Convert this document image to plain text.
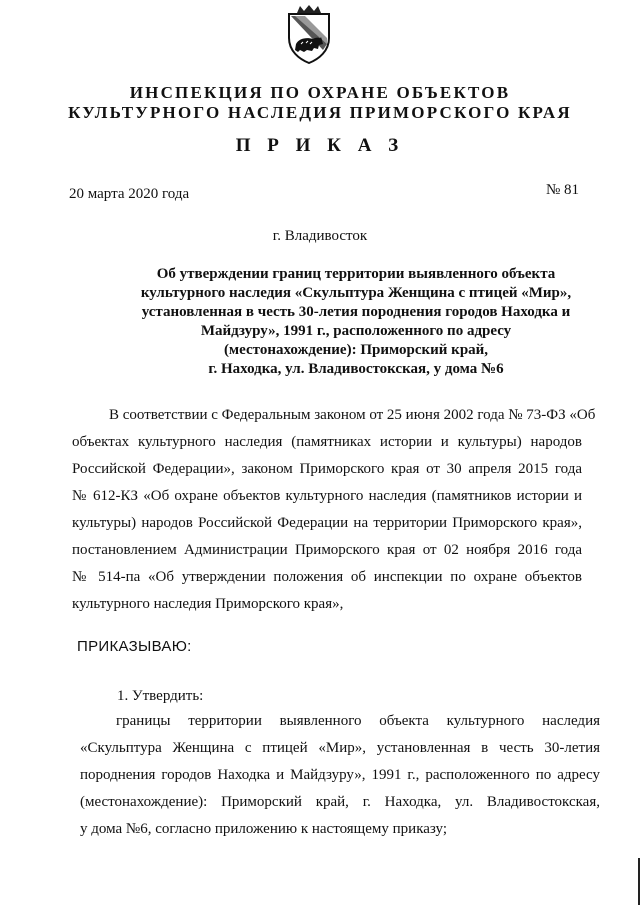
ИНСПЕКЦИЯ ПО ОХРАНЕ ОБЪЕКТОВ
КУЛЬТУРНОГО НАСЛЕДИЯ ПРИМОРСКОГО КРАЯ
П Р И К А З
20 марта 2020 года	№ 81
г. Владивосток
Об утверждении границ территории выявленного объекта
культурного наследия «Скульптура Женщина с птицей «Мир»,
установленная в честь 30-летия породнения городов Находка и
Майдзуру», 1991 г., расположенного по адресу
(местонахождение): Приморский край,
г. Находка, ул. Владивостокская, у дома №6
В соответствии с Федеральным законом от 25 июня 2002 года № 73-ФЗ «Об
объектах культурного наследия (памятниках истории и культуры) народов
Российской Федерации», законом Приморского края от 30 апреля 2015 года
№ 612-КЗ «Об охране объектов культурного наследия (памятников истории и
культуры) народов Российской Федерации на территории Приморского края»,
постановлением Администрации Приморского края от 02 ноября 2016 года
№ 514-па «Об утверждении положения об инспекции по охране объектов
культурного наследия Приморского края»,
ПРИКАЗЫВАЮ:
1. Утвердить:
границы территории выявленного объекта культурного наследия
«Скульптура Женщина с птицей «Мир», установленная в честь 30-летия
породнения городов Находка и Майдзуру», 1991 г., расположенного по адресу
(местонахождение): Приморский край, г. Находка, ул. Владивостокская,
у дома №6, согласно приложению к настоящему приказу;
